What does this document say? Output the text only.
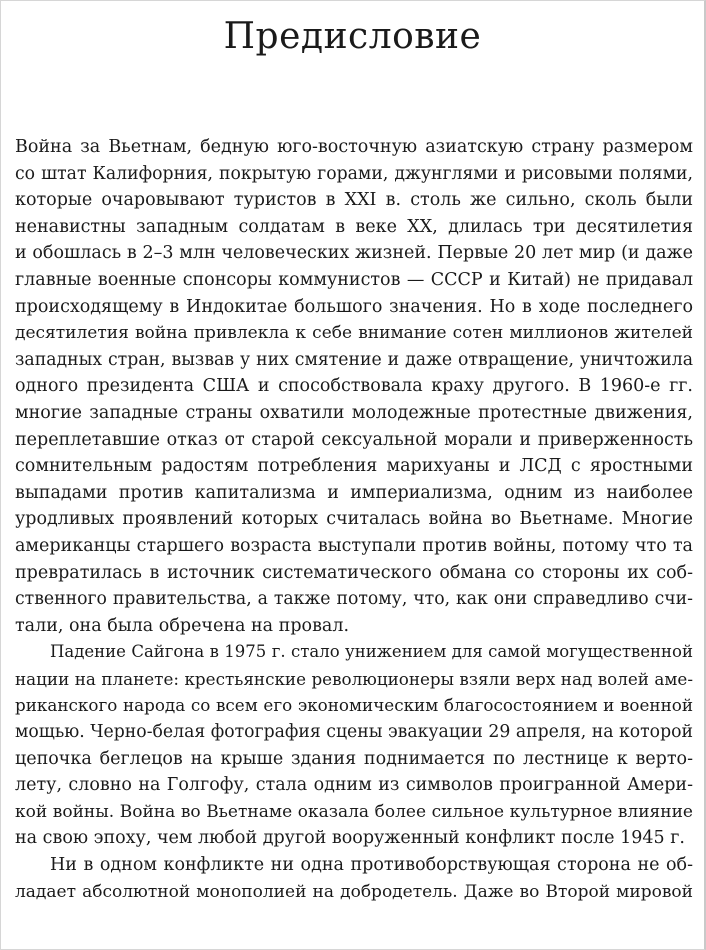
Предисловие
Война за Вьетнам, бедную юго-восточную азиатскую страну размером
со штат Калифорния, покрытую горами, джунглями и рисовыми полями,
которые очаровывают туристов в XXI в. столь же сильно, сколь были
ненавистны западным солдатам в веке XX, длилась три десятилетия
и обошлась в 2–3 млн человеческих жизней. Первые 20 лет мир (и даже
главные военные спонсоры коммунистов — СССР и Китай) не придавал
происходящему в Индокитае большого значения. Но в ходе последнего
десятилетия война привлекла к себе внимание сотен миллионов жителей
западных стран, вызвав у них смятение и даже отвращение, уничтожила
одного президента США и способствовала краху другого. В 1960-е гг.
многие западные страны охватили молодежные протестные движения,
переплетавшие отказ от старой сексуальной морали и приверженность
сомнительным радостям потребления марихуаны и ЛСД с яростными
выпадами против капитализма и империализма, одним из наиболее
уродливых проявлений которых считалась война во Вьетнаме. Многие
американцы старшего возраста выступали против войны, потому что та
превратилась в источник систематического обмана со стороны их соб-
ственного правительства, а также потому, что, как они справедливо счи-
тали, она была обречена на провал.
Падение Сайгона в 1975 г. стало унижением для самой могущественной
нации на планете: крестьянские революционеры взяли верх над волей аме-
риканского народа со всем его экономическим благосостоянием и военной
мощью. Черно-белая фотография сцены эвакуации 29 апреля, на которой
цепочка беглецов на крыше здания поднимается по лестнице к верто-
лету, словно на Голгофу, стала одним из символов проигранной Амери-
кой войны. Война во Вьетнаме оказала более сильное культурное влияние
на свою эпоху, чем любой другой вооруженный конфликт после 1945 г.
Ни в одном конфликте ни одна противоборствующая сторона не об-
ладает абсолютной монополией на добродетель. Даже во Второй мировой
